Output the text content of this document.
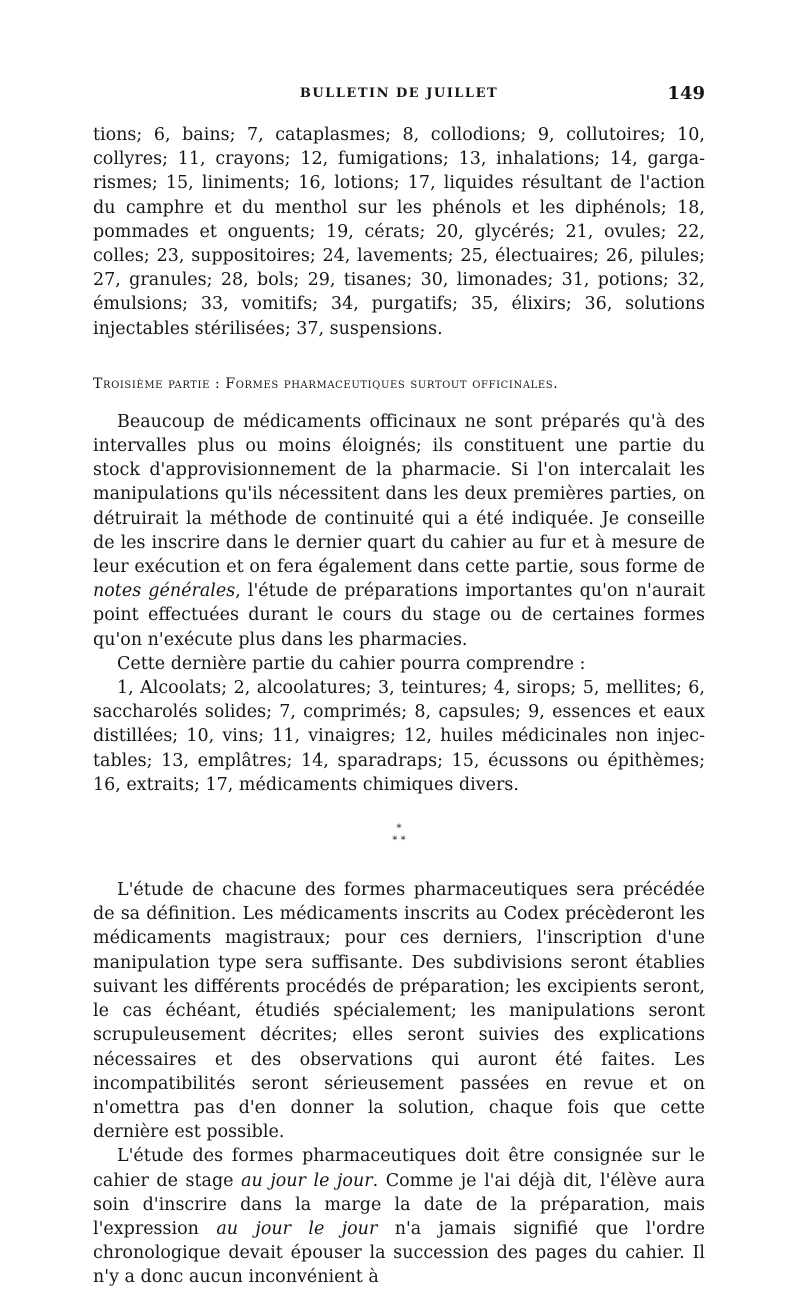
BULLETIN DE JUILLET	149

tions; 6, bains; 7, cataplasmes; 8, collodions; 9, collutoires; 10, collyres; 11, crayons; 12, fumigations; 13, inhalations; 14, gargarismes; 15, liniments; 16, lotions; 17, liquides résultant de l'action du camphre et du menthol sur les phénols et les diphénols; 18, pommades et onguents; 19, cérats; 20, glycérés; 21, ovules; 22, colles; 23, suppositoires; 24, lavements; 25, électuaires; 26, pilules; 27, granules; 28, bols; 29, tisanes; 30, limonades; 31, potions; 32, émulsions; 33, vomitifs; 34, purgatifs; 35, élixirs; 36, solutions injectables stérilisées; 37, suspensions.

Troisième partie : Formes pharmaceutiques surtout officinales.

Beaucoup de médicaments officinaux ne sont préparés qu'à des intervalles plus ou moins éloignés; ils constituent une partie du stock d'approvisionnement de la pharmacie. Si l'on intercalait les manipulations qu'ils nécessitent dans les deux premières parties, on détruirait la méthode de continuité qui a été indiquée. Je conseille de les inscrire dans le dernier quart du cahier au fur et à mesure de leur exécution et on fera également dans cette partie, sous forme de notes générales, l'étude de préparations importantes qu'on n'aurait point effectuées durant le cours du stage ou de certaines formes qu'on n'exécute plus dans les pharmacies.

Cette dernière partie du cahier pourra comprendre :

1, Alcoolats; 2, alcoolatures; 3, teintures; 4, sirops; 5, mellites; 6, saccharolés solides; 7, comprimés; 8, capsules; 9, essences et eaux distillées; 10, vins; 11, vinaigres; 12, huiles médicinales non injectables; 13, emplâtres; 14, sparadraps; 15, écussons ou épithèmes; 16, extraits; 17, médicaments chimiques divers.

*
* *

L'étude de chacune des formes pharmaceutiques sera précédée de sa définition. Les médicaments inscrits au Codex précèderont les médicaments magistraux; pour ces derniers, l'inscription d'une manipulation type sera suffisante. Des subdivisions seront établies suivant les différents procédés de préparation; les excipients seront, le cas échéant, étudiés spécialement; les manipulations seront scrupuleusement décrites; elles seront suivies des explications nécessaires et des observations qui auront été faites. Les incompatibilités seront sérieusement passées en revue et on n'omettra pas d'en donner la solution, chaque fois que cette dernière est possible.

L'étude des formes pharmaceutiques doit être consignée sur le cahier de stage au jour le jour. Comme je l'ai déjà dit, l'élève aura soin d'inscrire dans la marge la date de la préparation, mais l'expression au jour le jour n'a jamais signifié que l'ordre chronologique devait épouser la succession des pages du cahier. Il n'y a donc aucun inconvénient à
